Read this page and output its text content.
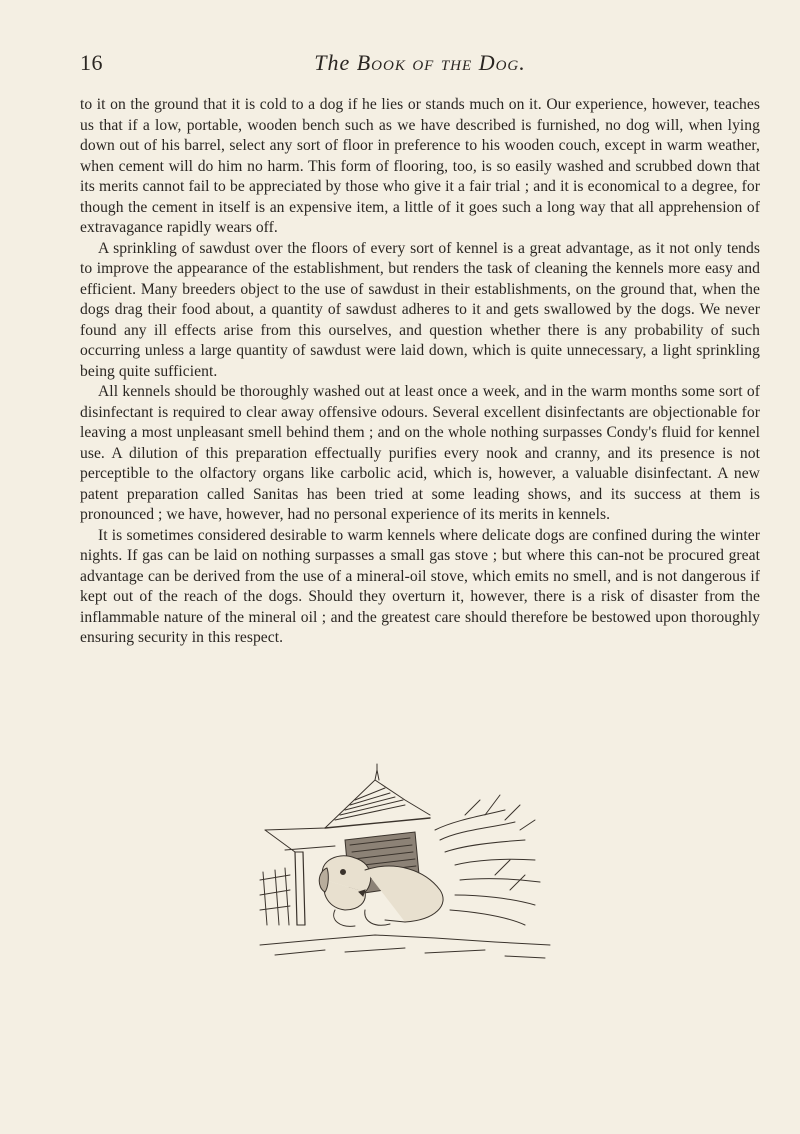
16	The Book of the Dog.

to it on the ground that it is cold to a dog if he lies or stands much on it. Our experience, however, teaches us that if a low, portable, wooden bench such as we have described is furnished, no dog will, when lying down out of his barrel, select any sort of floor in preference to his wooden couch, except in warm weather, when cement will do him no harm. This form of flooring, too, is so easily washed and scrubbed down that its merits cannot fail to be appreciated by those who give it a fair trial ; and it is economical to a degree, for though the cement in itself is an expensive item, a little of it goes such a long way that all apprehension of extravagance rapidly wears off.

A sprinkling of sawdust over the floors of every sort of kennel is a great advantage, as it not only tends to improve the appearance of the establishment, but renders the task of cleaning the kennels more easy and efficient. Many breeders object to the use of sawdust in their establishments, on the ground that, when the dogs drag their food about, a quantity of sawdust adheres to it and gets swallowed by the dogs. We never found any ill effects arise from this ourselves, and question whether there is any probability of such occurring unless a large quantity of sawdust were laid down, which is quite unnecessary, a light sprinkling being quite sufficient.

All kennels should be thoroughly washed out at least once a week, and in the warm months some sort of disinfectant is required to clear away offensive odours. Several excellent disinfectants are objectionable for leaving a most unpleasant smell behind them ; and on the whole nothing surpasses Condy's fluid for kennel use. A dilution of this preparation effectually purifies every nook and cranny, and its presence is not perceptible to the olfactory organs like carbolic acid, which is, however, a valuable disinfectant. A new patent preparation called Sanitas has been tried at some leading shows, and its success at them is pronounced ; we have, however, had no personal experience of its merits in kennels.

It is sometimes considered desirable to warm kennels where delicate dogs are confined during the winter nights. If gas can be laid on nothing surpasses a small gas stove ; but where this can-not be procured great advantage can be derived from the use of a mineral-oil stove, which emits no smell, and is not dangerous if kept out of the reach of the dogs. Should they overturn it, however, there is a risk of disaster from the inflammable nature of the mineral oil ; and the greatest care should therefore be bestowed upon thoroughly ensuring security in this respect.
